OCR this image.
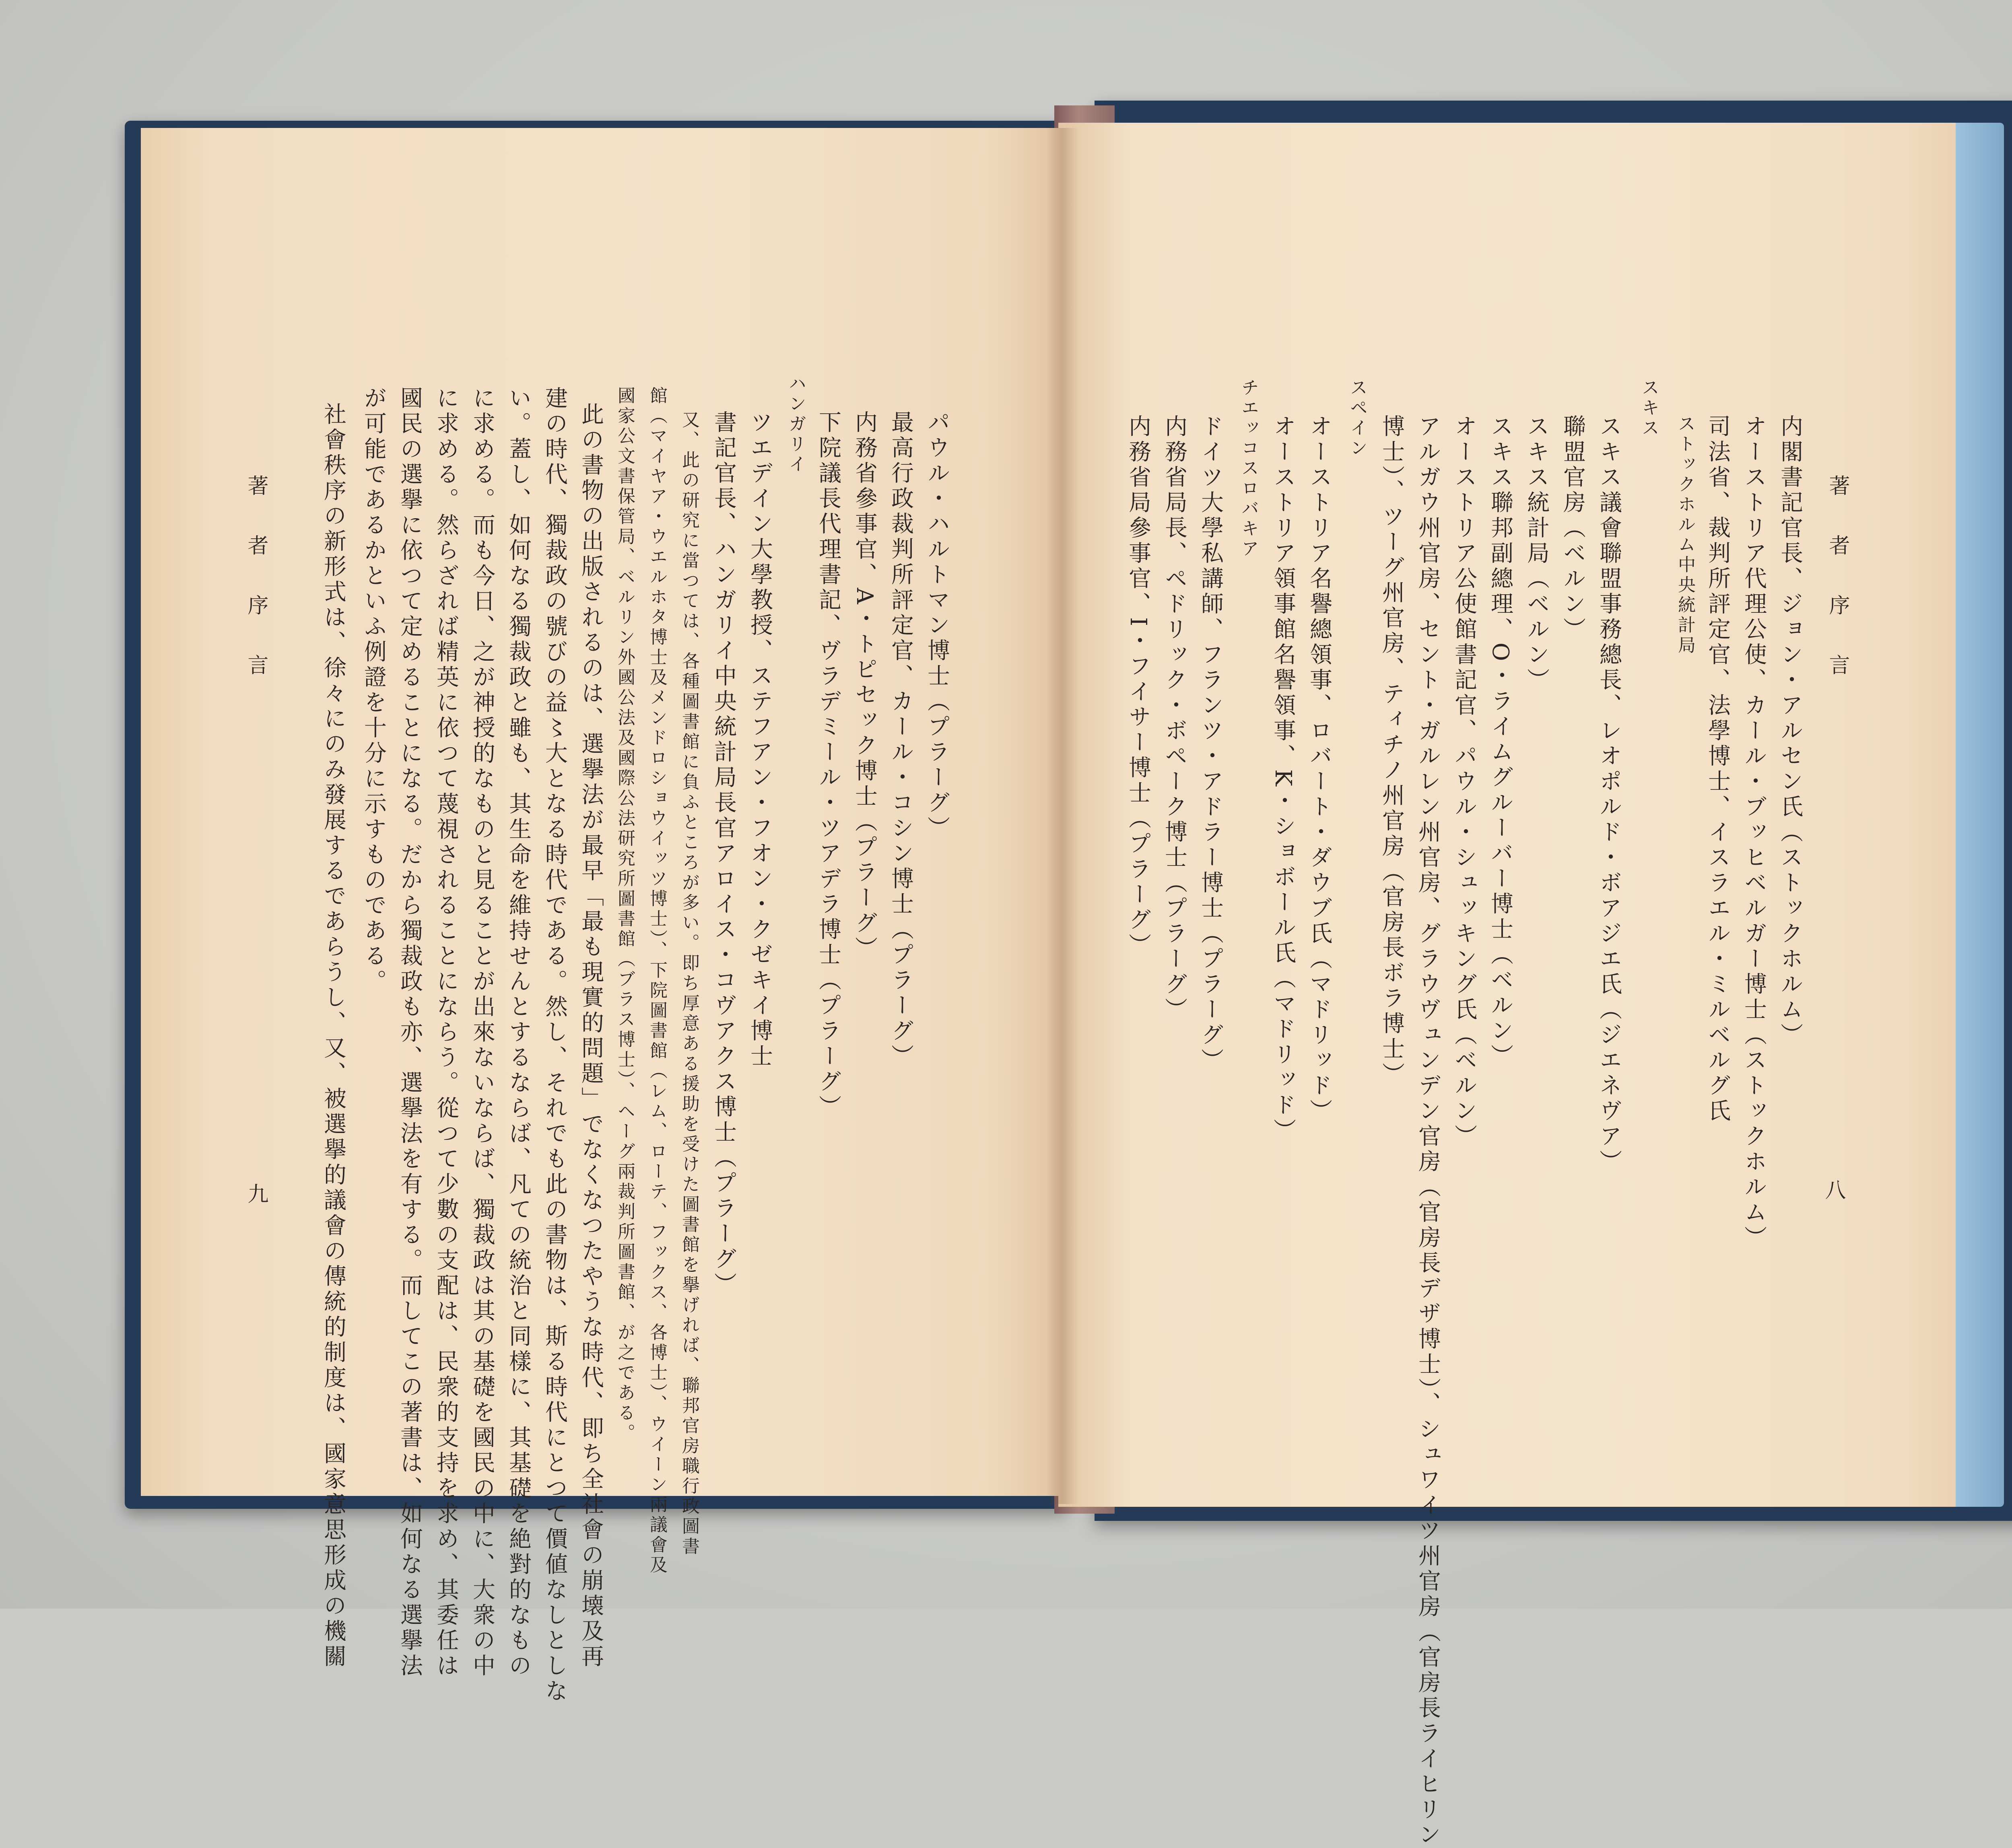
著 者 序 言
八
内閣書記官長、ジョン・アルセン氏（ストックホルム）
オーストリア代理公使、カール・ブッヒベルガー博士（ストックホルム）
司法省、裁判所評定官、法學博士、イスラエル・ミルベルグ氏
ストックホルム中央統計局
スキス
スキス議會聯盟事務總長、レオポルド・ボアジエ氏（ジエネヴア）
聯盟官房（ベルン）
スキス統計局（ベルン）
スキス聯邦副總理、O・ライムグルーバー博士（ベルン）
オーストリア公使館書記官、パウル・シュッキング氏（ベルン）
アルガウ州官房、セント・ガルレン州官房、グラウヴュンデン官房（官房長デザ博士）、シュワイツ州官房（官房長ライヒリン
博士）、ツーグ州官房、ティチノ州官房（官房長ボラ博士）
スペイン
オーストリア名譽總領事、ロバート・ダウブ氏（マドリッド）
オーストリア領事館名譽領事、K・ショボール氏（マドリッド）
チエッコスロバキア
ドイツ大學私講師、フランツ・アドラー博士（プラーグ）
内務省局長、ペドリック・ボペーク博士（プラーグ）
内務省局參事官、I・フイサー博士（プラーグ）
パウル・ハルトマン博士（プラーグ）
最高行政裁判所評定官、カール・コシン博士（プラーグ）
内務省參事官、A・トピセック博士（プラーグ）
下院議長代理書記、ヴラデミール・ツアデラ博士（プラーグ）
ハンガリイ
ツエデイン大學教授、ステフアン・フオン・クゼキイ博士
書記官長、ハンガリイ中央統計局長官アロイス・コヴアクス博士（プラーグ）
又、此の研究に當つては、各種圖書館に負ふところが多い。即ち厚意ある援助を受けた圖書館を擧げれば、聯邦官房職行政圖書
館（マイヤア・ウエルホタ博士及メンドロショウイッツ博士）、下院圖書館（レム、ローテ、フックス、各博士）、ウイーン兩議會及
國家公文書保管局、ベルリン外國公法及國際公法研究所圖書館（ブラス博士）、ヘーグ兩裁判所圖書館、が之である。
此の書物の出版されるのは、選擧法が最早「最も現實的問題」でなくなつたやうな時代、即ち全社會の崩壊及再
建の時代、獨裁政の號びの益〻大となる時代である。然し、それでも此の書物は、斯る時代にとつて價値なしとしな
い。蓋し、如何なる獨裁政と雖も、其生命を維持せんとするならば、凡ての統治と同樣に、其基礎を絶對的なもの
に求める。而も今日、之が神授的なものと見ることが出來ないならば、獨裁政は其の基礎を國民の中に、大衆の中
に求める。然らざれば精英に依つて蔑視されることにならう。從つて少數の支配は、民衆的支持を求め、其委任は
國民の選擧に依つて定めることになる。だから獨裁政も亦、選擧法を有する。而してこの著書は、如何なる選擧法
が可能であるかといふ例證を十分に示すものである。
社會秩序の新形式は、徐々にのみ發展するであらうし、又、被選擧的議會の傳統的制度は、國家意思形成の機關
著 者 序 言
九
